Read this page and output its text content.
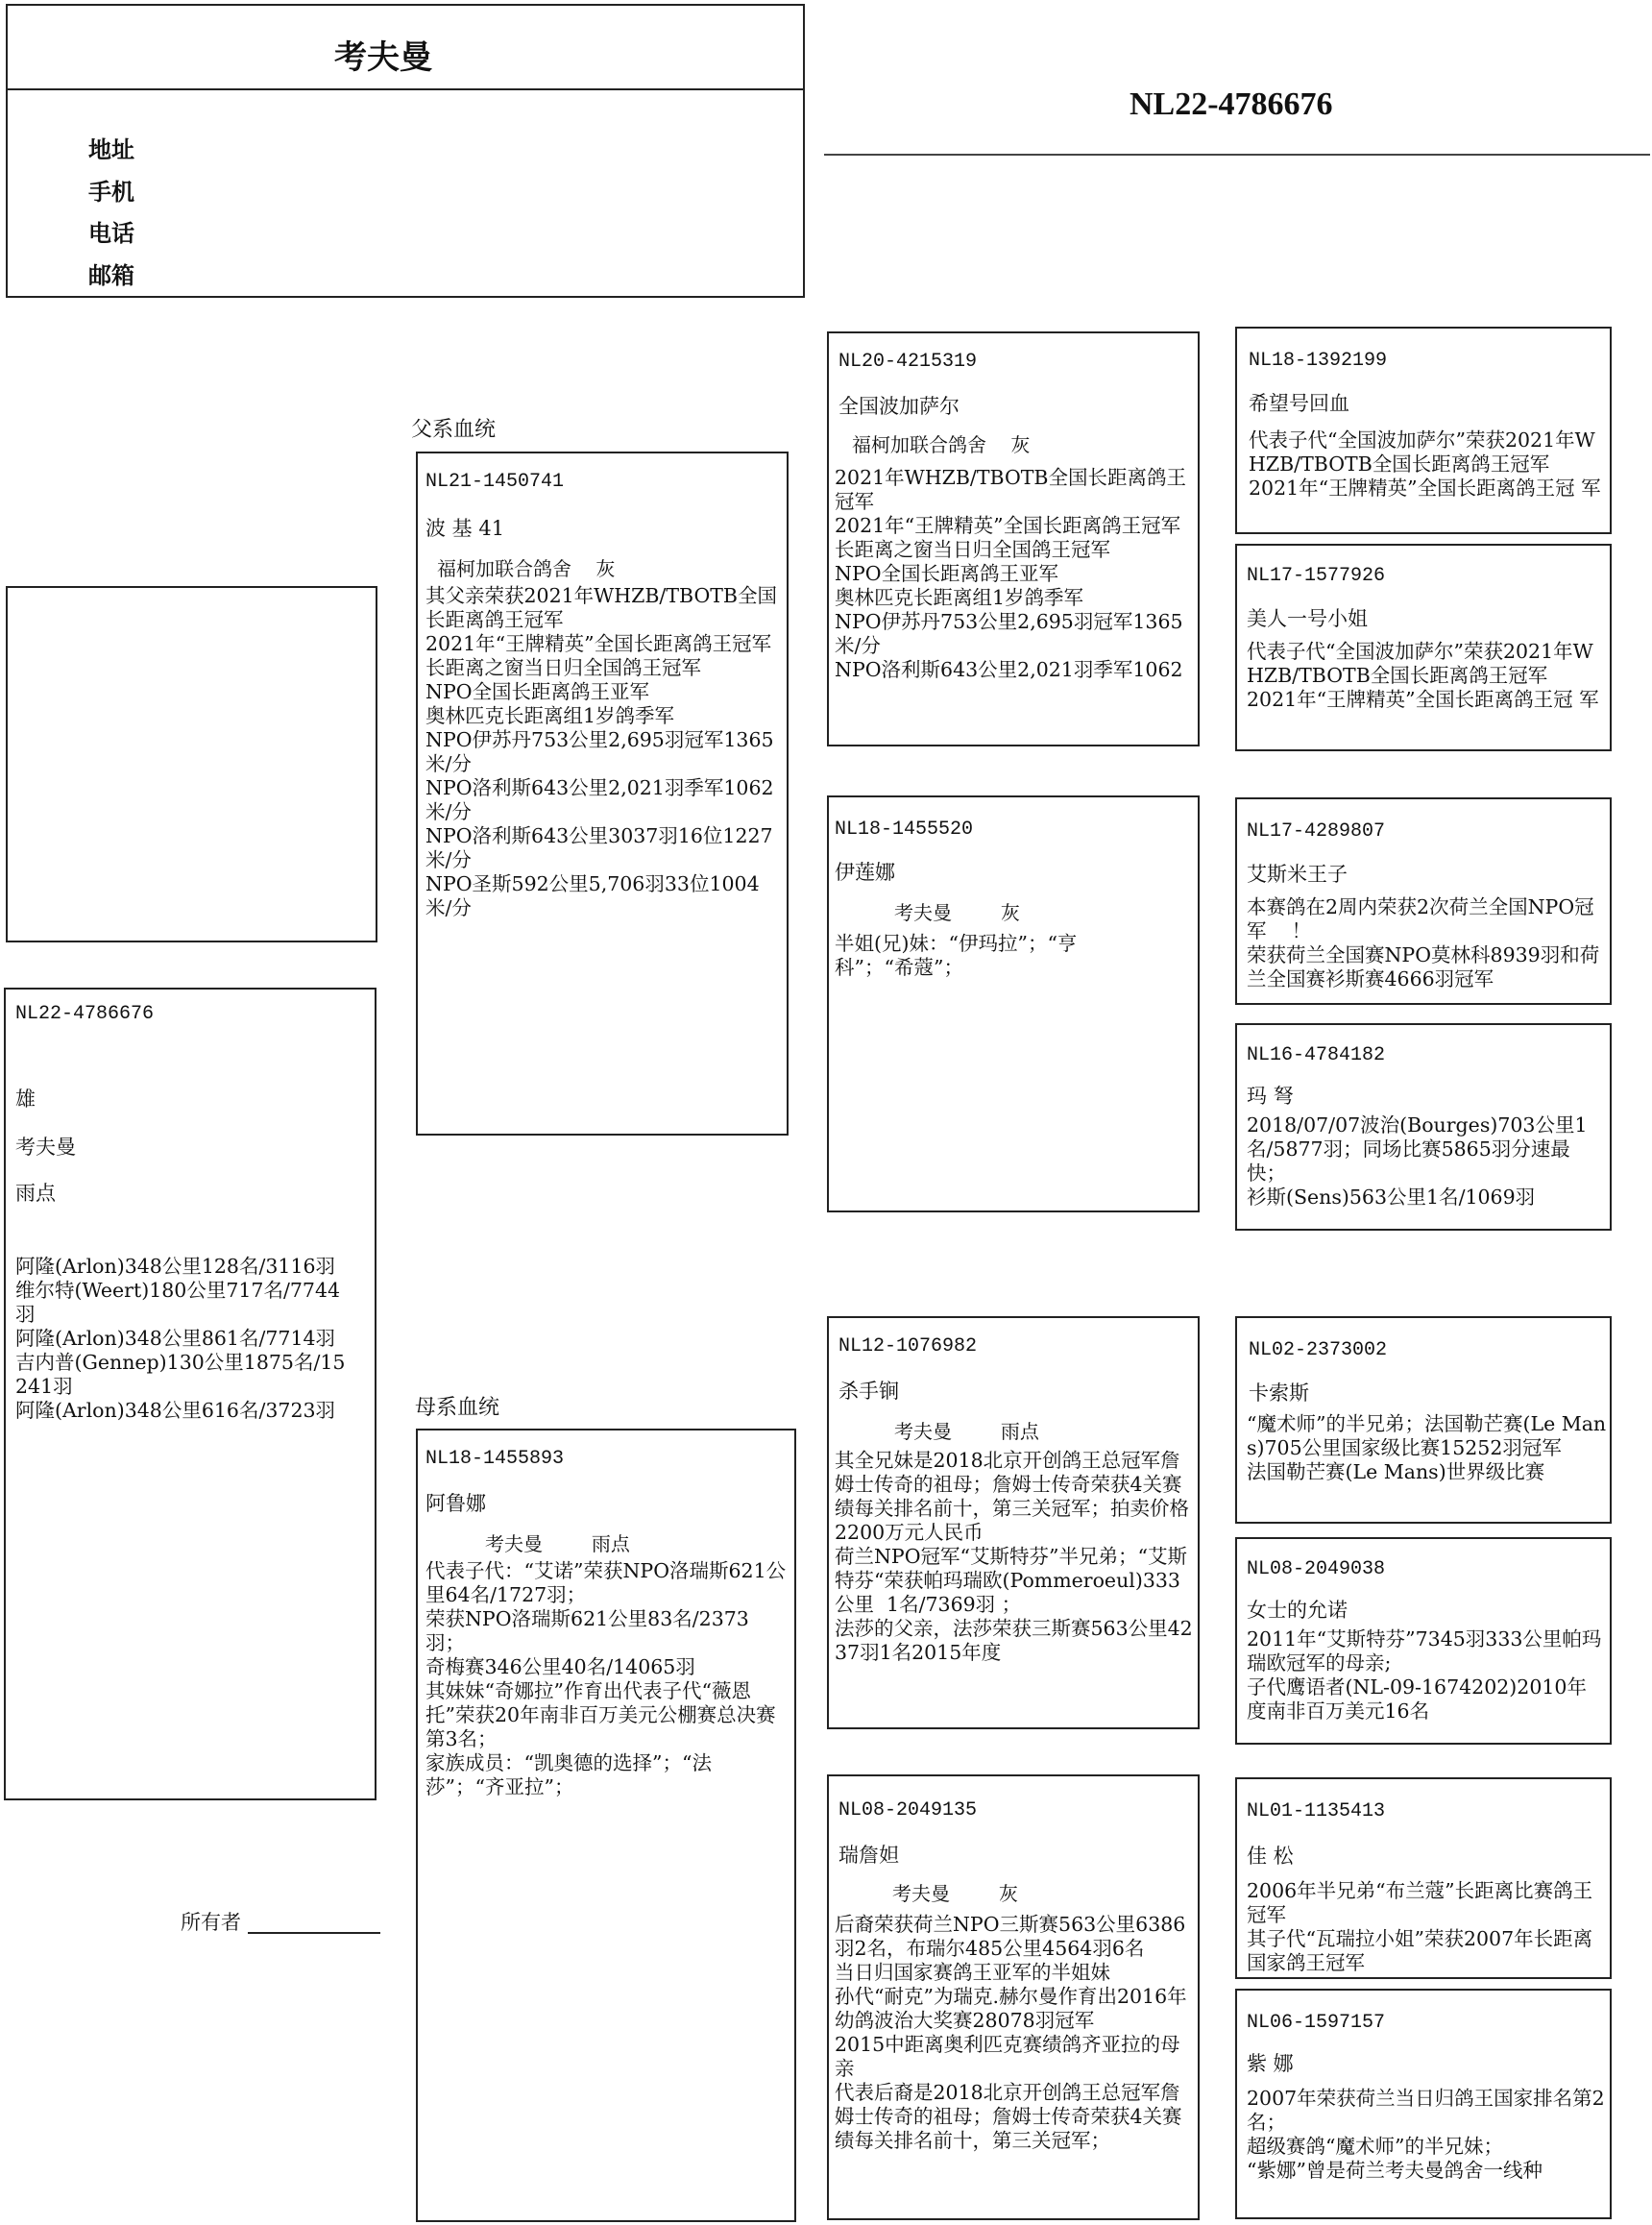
考夫曼
地址
手机
电话
邮箱
NL22-4786676
父系血统
母系血统
NL22-4786676
雄
考夫曼
雨点
阿隆(Arlon)348公里128名/3116羽
维尔特(Weert)180公里717名/7744羽
阿隆(Arlon)348公里861名/7714羽
吉内普(Gennep)130公里1875名/15241羽
阿隆(Arlon)348公里616名/3723羽
所有者
NL21-1450741
波 基 41
福柯加联合鸽舍    灰
其父亲荣获2021年WHZB/TBOTB全国长距离鸽王冠军
2021年“王牌精英”全国长距离鸽王冠军
长距离之窗当日归全国鸽王冠军
NPO全国长距离鸽王亚军
奥林匹克长距离组1岁鸽季军
NPO伊苏丹753公里2,695羽冠军1365米/分
NPO洛利斯643公里2,021羽季军1062米/分
NPO洛利斯643公里3037羽16位1227米/分
NPO圣斯592公里5,706羽33位1004米/分
NL18-1455893
阿鲁娜
考夫曼        雨点
代表子代：“艾诺”荣获NPO洛瑞斯621公里64名/1727羽；
荣获NPO洛瑞斯621公里83名/2373羽；
奇梅赛346公里40名/14065羽
其妹妹“奇娜拉”作育出代表子代“薇恩托”荣获20年南非百万美元公棚赛总决赛第3名；
家族成员：“凯奥德的选择”；“法莎”；“齐亚拉”；
NL20-4215319
全国波加萨尔
福柯加联合鸽舍    灰
2021年WHZB/TBOTB全国长距离鸽王冠军
2021年“王牌精英”全国长距离鸽王冠军
长距离之窗当日归全国鸽王冠军
NPO全国长距离鸽王亚军
奥林匹克长距离组1岁鸽季军
NPO伊苏丹753公里2,695羽冠军1365米/分
NPO洛利斯643公里2,021羽季军1062
NL18-1455520
伊莲娜
考夫曼        灰
半姐(兄)妹：“伊玛拉”；“亨科”；“希蔻”；
NL12-1076982
杀手锏
考夫曼        雨点
其全兄妹是2018北京开创鸽王总冠军詹姆士传奇的祖母；詹姆士传奇荣获4关赛绩每关排名前十，第三关冠军；拍卖价格2200万元人民币
荷兰NPO冠军“艾斯特芬”半兄弟；“艾斯特芬“荣获帕玛瑞欧(Pommeroeul)333公里  1名/7369羽 ；
法莎的父亲，法莎荣获三斯赛563公里4237羽1名2015年度
NL08-2049135
瑞詹妲
考夫曼        灰
后裔荣获荷兰NPO三斯赛563公里6386羽2名，布瑞尔485公里4564羽6名
当日归国家赛鸽王亚军的半姐妹
孙代“耐克”为瑞克.赫尔曼作育出2016年幼鸽波治大奖赛28078羽冠军
2015中距离奥利匹克赛绩鸽齐亚拉的母亲
代表后裔是2018北京开创鸽王总冠军詹姆士传奇的祖母；詹姆士传奇荣获4关赛绩每关排名前十，第三关冠军；
NL18-1392199
希望号回血
代表子代“全国波加萨尔”荣获2021年WHZB/TBOTB全国长距离鸽王冠军
2021年“王牌精英”全国长距离鸽王冠 军
NL17-1577926
美人一号小姐
代表子代“全国波加萨尔”荣获2021年WHZB/TBOTB全国长距离鸽王冠军
2021年“王牌精英”全国长距离鸽王冠 军
NL17-4289807
艾斯米王子
本赛鸽在2周内荣获2次荷兰全国NPO冠军    ！
荣获荷兰全国赛NPO莫林科8939羽和荷兰全国赛衫斯赛4666羽冠军
NL16-4784182
玛 弩
2018/07/07波治(Bourges)703公里1名/5877羽；同场比赛5865羽分速最快；
衫斯(Sens)563公里1名/1069羽
NL02-2373002
卡索斯
“魔术师”的半兄弟；法国勒芒赛(Le Mans)705公里国家级比赛15252羽冠军
法国勒芒赛(Le Mans)世界级比赛
NL08-2049038
女士的允诺
2011年“艾斯特芬”7345羽333公里帕玛瑞欧冠军的母亲;
子代鹰语者(NL-09-1674202)2010年度南非百万美元16名
NL01-1135413
佳 松
2006年半兄弟“布兰蔻”长距离比赛鸽王冠军
其子代“瓦瑞拉小姐”荣获2007年长距离国家鸽王冠军
NL06-1597157
紫 娜
2007年荣获荷兰当日归鸽王国家排名第2名；
超级赛鸽“魔术师”的半兄妹；
“紫娜”曾是荷兰考夫曼鸽舍一线种
